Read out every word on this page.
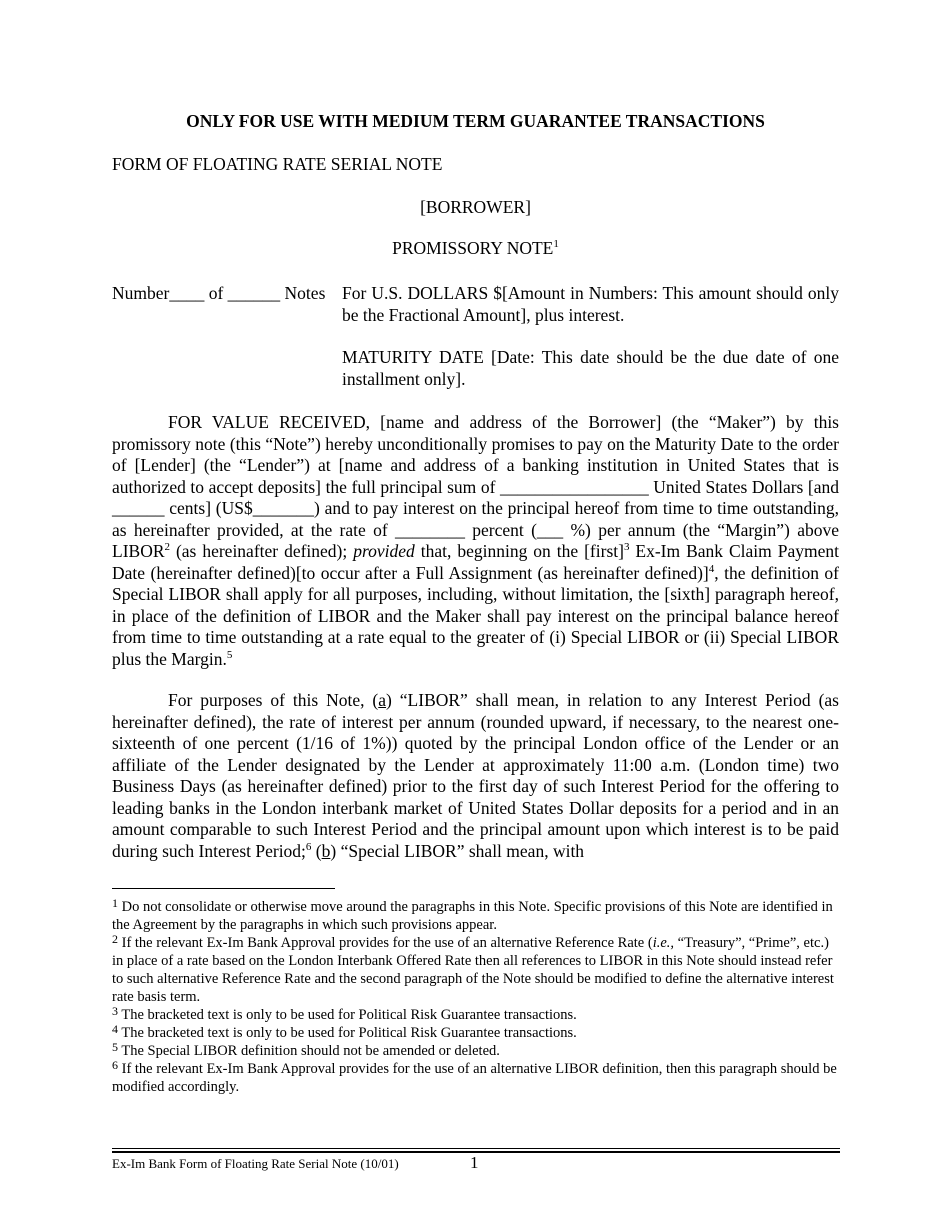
ONLY FOR USE WITH MEDIUM TERM GUARANTEE TRANSACTIONS
FORM OF FLOATING RATE SERIAL NOTE
[BORROWER]
PROMISSORY NOTE$^1$
Number____ of ______ Notes For U.S. DOLLARS $[Amount in Numbers: This amount should only be the Fractional Amount], plus interest.
MATURITY DATE [Date: This date should be the due date of one installment only].

FOR VALUE RECEIVED, [name and address of the Borrower] (the “Maker”) by this promissory note (this “Note”) hereby unconditionally promises to pay on the Maturity Date to the order of [Lender] (the “Lender”) at [name and address of a banking institution in United States that is authorized to accept deposits] the full principal sum of _________________ United States Dollars [and ______ cents] (US$_______) and to pay interest on the principal hereof from time to time outstanding, as hereinafter provided, at the rate of ________ percent (___ %) per annum (the “Margin”) above LIBOR$^2$ (as hereinafter defined); provided that, beginning on the [first]$^3$ Ex-Im Bank Claim Payment Date (hereinafter defined)[to occur after a Full Assignment (as hereinafter defined)]$^4$, the definition of Special LIBOR shall apply for all purposes, including, without limitation, the [sixth] paragraph hereof, in place of the definition of LIBOR and the Maker shall pay interest on the principal balance hereof from time to time outstanding at a rate equal to the greater of (i) Special LIBOR or (ii) Special LIBOR plus the Margin.$^5$

For purposes of this Note, (a) “LIBOR” shall mean, in relation to any Interest Period (as hereinafter defined), the rate of interest per annum (rounded upward, if necessary, to the nearest one-sixteenth of one percent (1/16 of 1%)) quoted by the principal London office of the Lender or an affiliate of the Lender designated by the Lender at approximately 11:00 a.m. (London time) two Business Days (as hereinafter defined) prior to the first day of such Interest Period for the offering to leading banks in the London interbank market of United States Dollar deposits for a period and in an amount comparable to such Interest Period and the principal amount upon which interest is to be paid during such Interest Period;$^6$ (b) “Special LIBOR” shall mean, with

$^1$ Do not consolidate or otherwise move around the paragraphs in this Note. Specific provisions of this Note are identified in the Agreement by the paragraphs in which such provisions appear.

$^2$ If the relevant Ex-Im Bank Approval provides for the use of an alternative Reference Rate (i.e., “Treasury”, “Prime”, etc.) in place of a rate based on the London Interbank Offered Rate then all references to LIBOR in this Note should instead refer to such alternative Reference Rate and the second paragraph of the Note should be modified to define the alternative interest rate basis term.

$^3$ The bracketed text is only to be used for Political Risk Guarantee transactions.

$^4$ The bracketed text is only to be used for Political Risk Guarantee transactions.

$^5$ The Special LIBOR definition should not be amended or deleted.

$^6$ If the relevant Ex-Im Bank Approval provides for the use of an alternative LIBOR definition, then this paragraph should be modified accordingly.

Ex-Im Bank Form of Floating Rate Serial Note (10/01)	1
